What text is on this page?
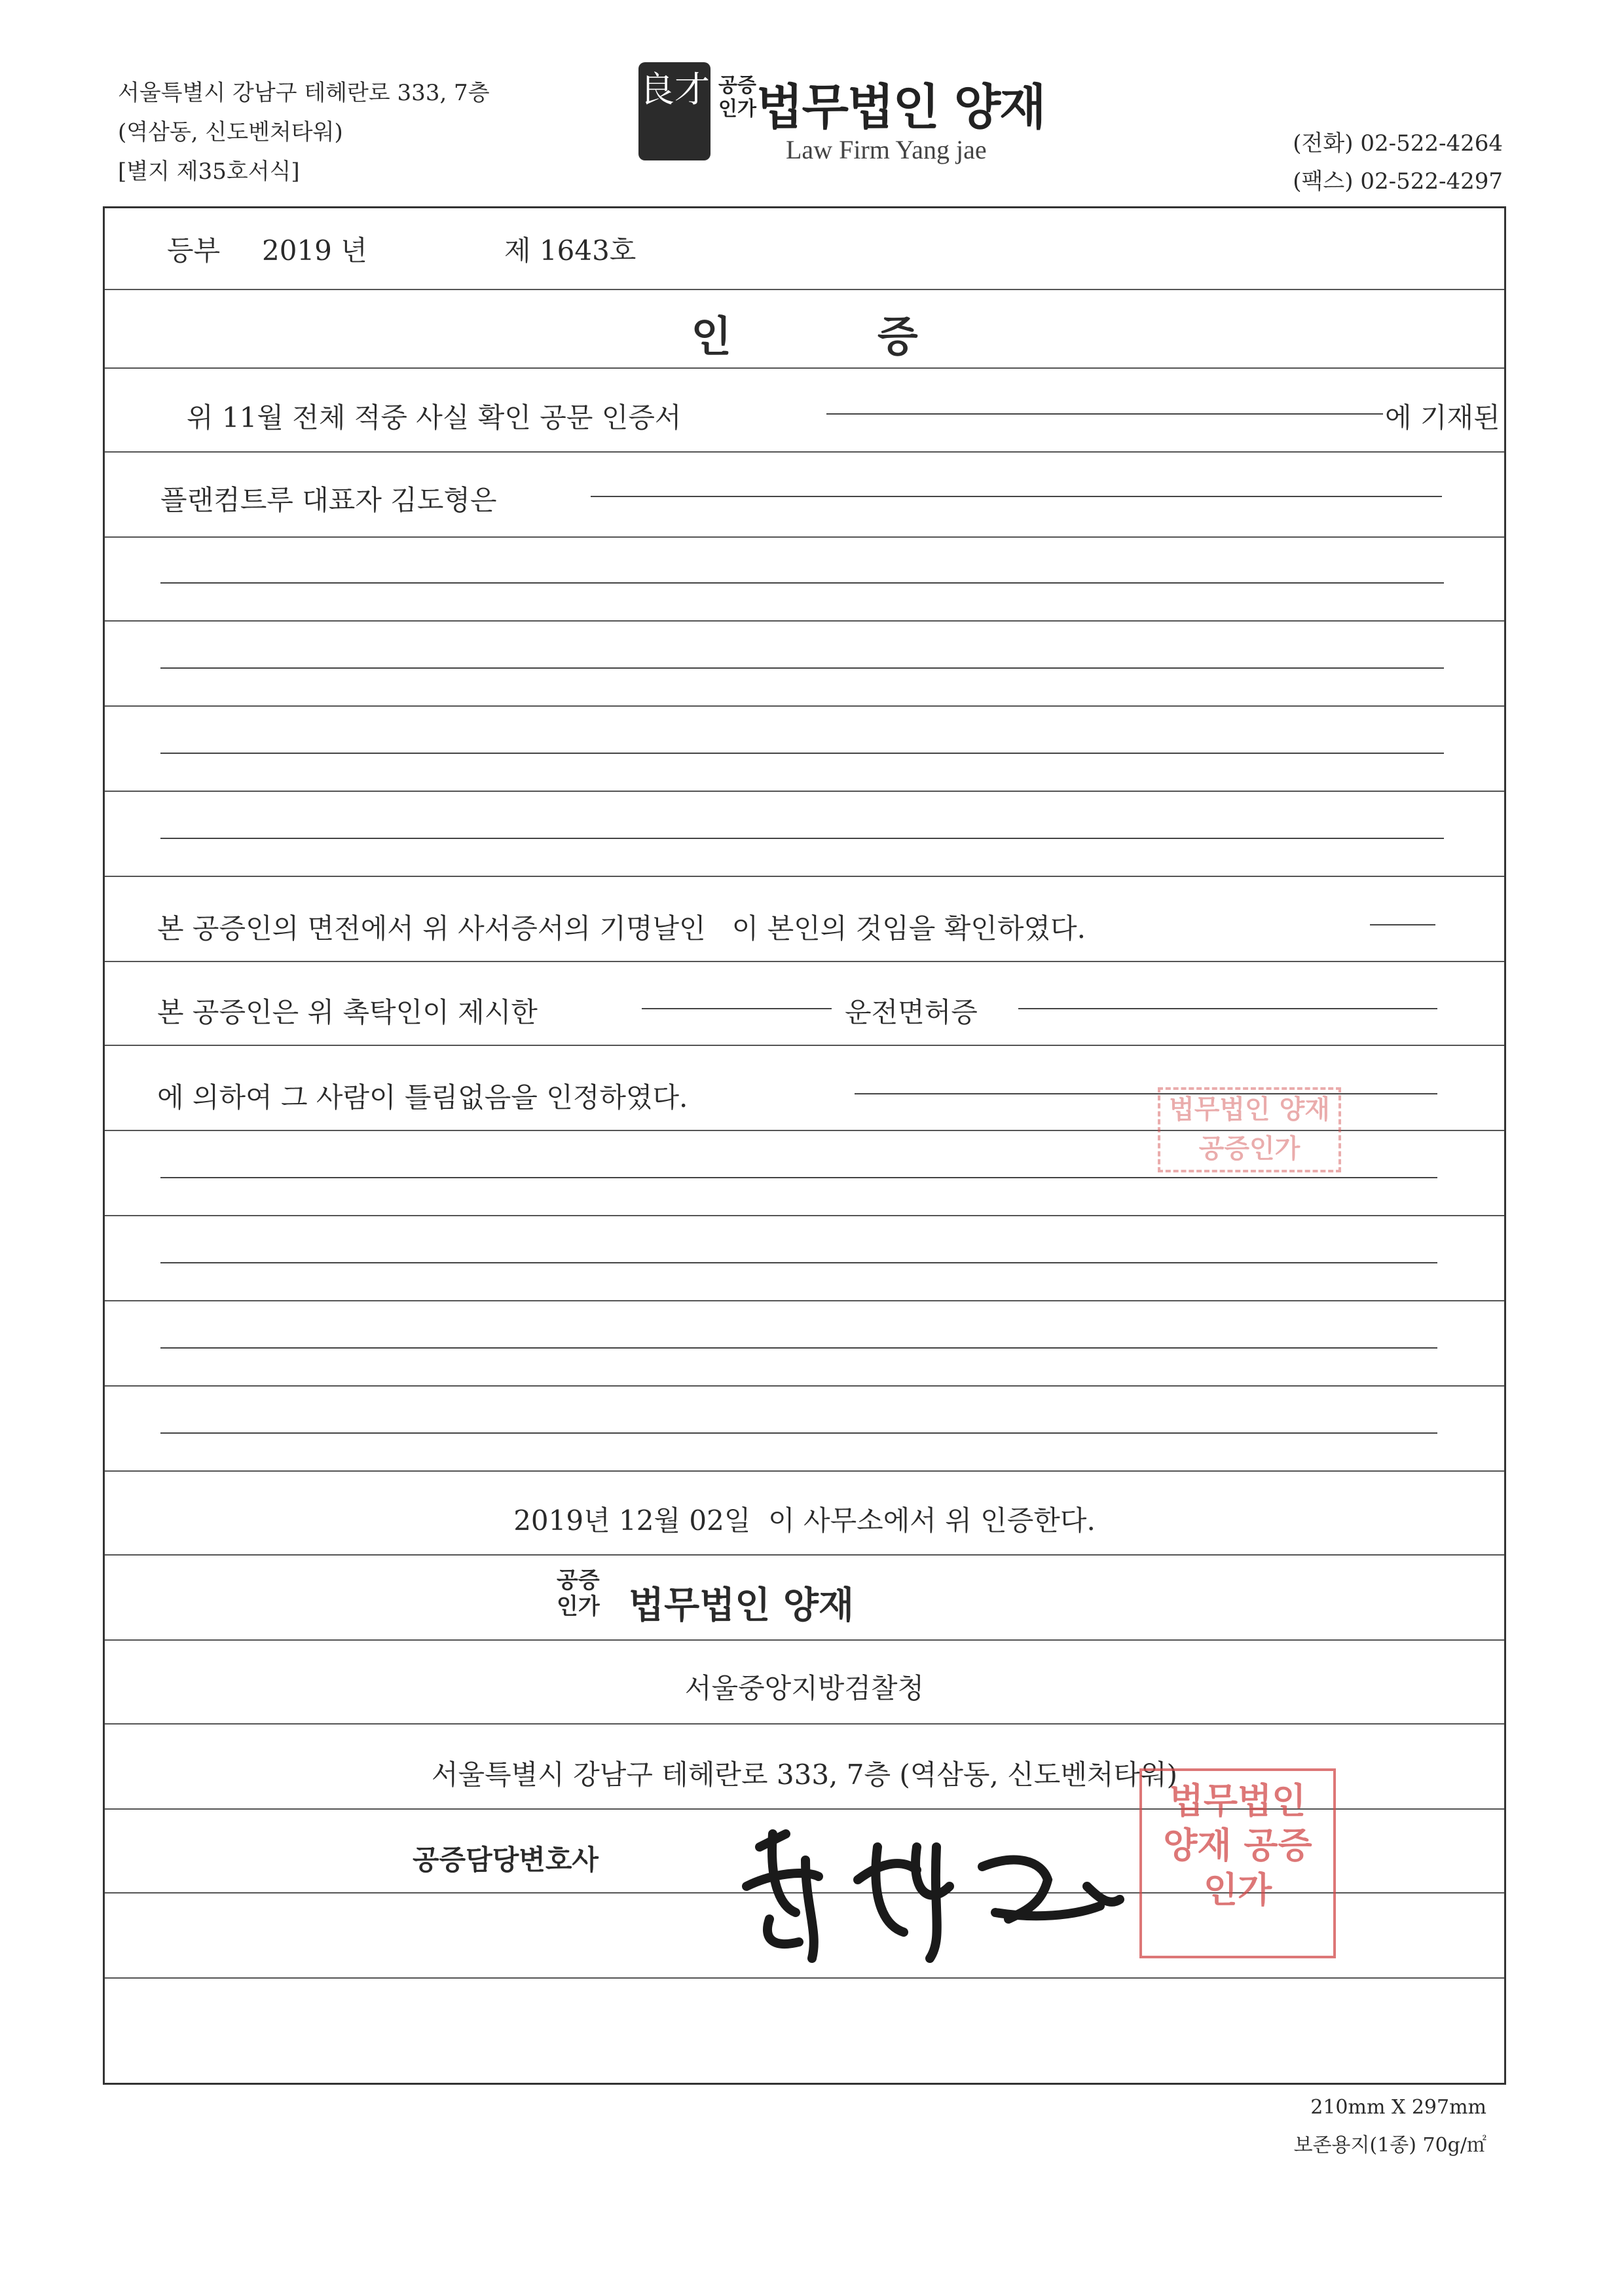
서울특별시 강남구 테헤란로 333, 7층
(역삼동, 신도벤처타워)
[별지 제35호서식]
良才 공증
인가 법무법인 양재
Law Firm Yang jae	(전화) 02-522-4264
(팩스) 02-522-4297
등부 2019 년	제 1643호
인          증
위 11월 전체 적중 사실 확인 공문 인증서	에 기재된
플랜컴트루 대표자 김도형은
본 공증인의 면전에서 위 사서증서의 기명날인   이 본인의 것임을 확인하였다.
본 공증인은 위 촉탁인이 제시한	운전면허증
에 의하여 그 사람이 틀림없음을 인정하였다.
2019년 12월 02일  이 사무소에서 위 인증한다.
공증
인가 법무법인 양재
서울중앙지방검찰청
서울특별시 강남구 테헤란로 333, 7층 (역삼동, 신도벤처타워)
공증담당변호사
법무법인 양재 공증인가
법무법인 양재 공증인가
210mm X 297mm
보존용지(1종) 70g/㎡
